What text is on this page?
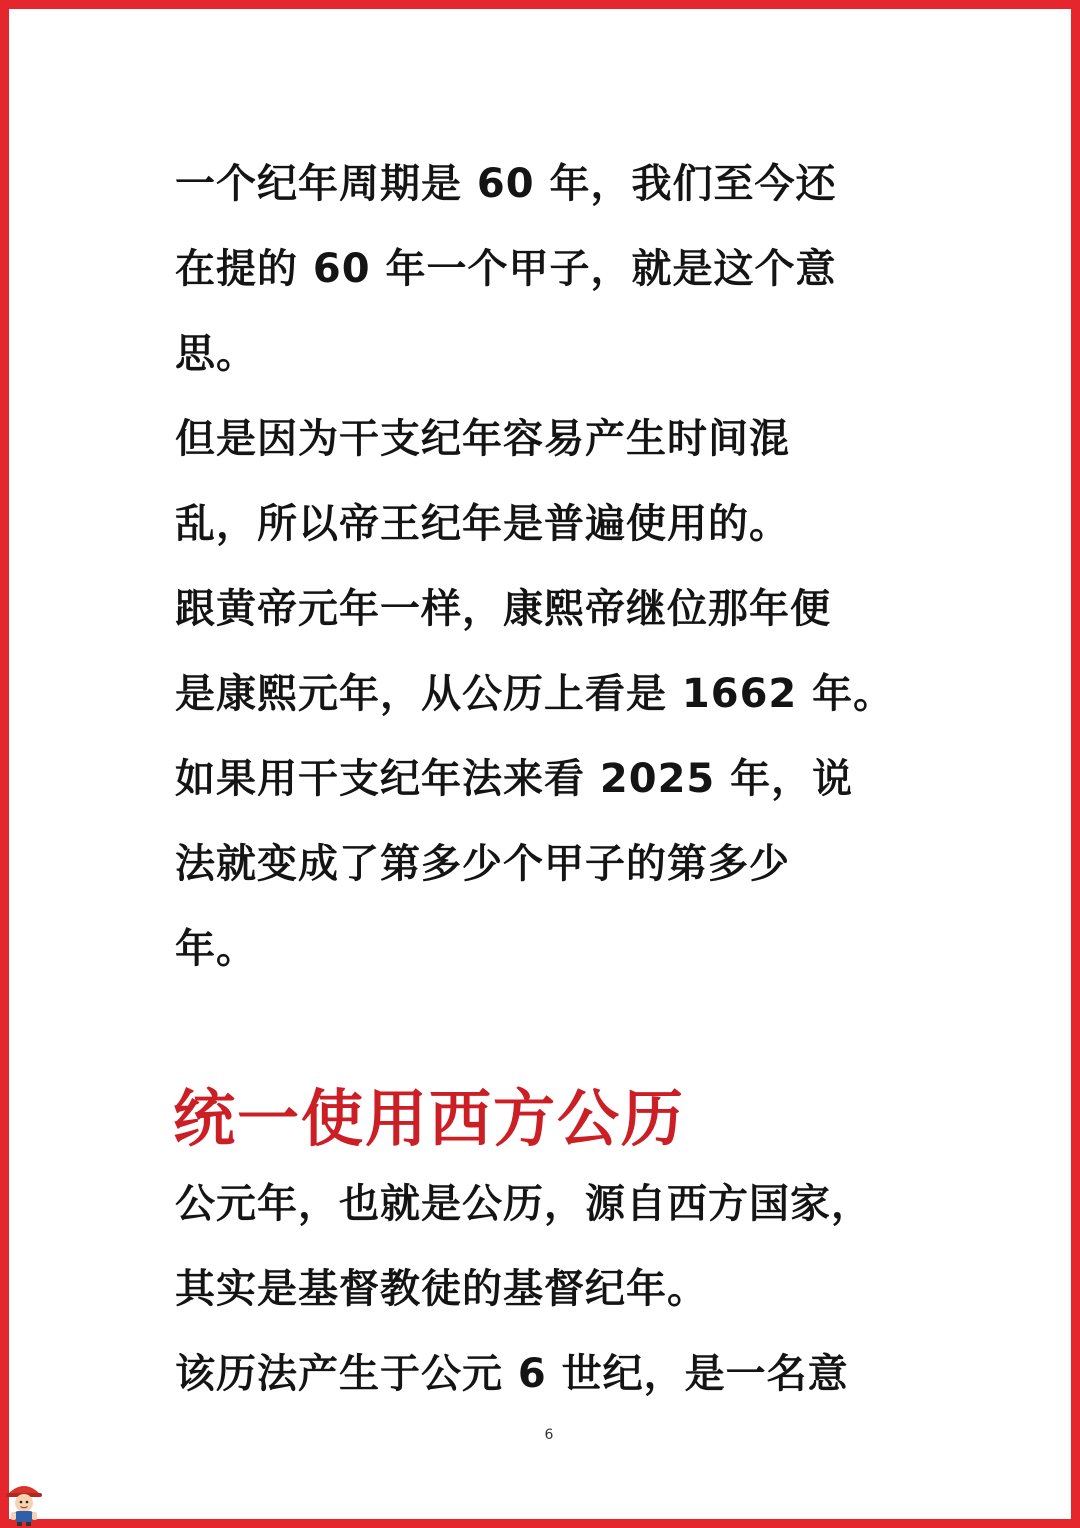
一个纪年周期是 60 年，我们至今还
在提的 60 年一个甲子，就是这个意
思。

但是因为干支纪年容易产生时间混
乱，所以帝王纪年是普遍使用的。

跟黄帝元年一样，康熙帝继位那年便
是康熙元年，从公历上看是 1662 年。

如果用干支纪年法来看 2025 年，说
法就变成了第多少个甲子的第多少
年。

统一使用西方公历

公元年，也就是公历，源自西方国家，
其实是基督教徒的基督纪年。

该历法产生于公元 6 世纪，是一名意

6
